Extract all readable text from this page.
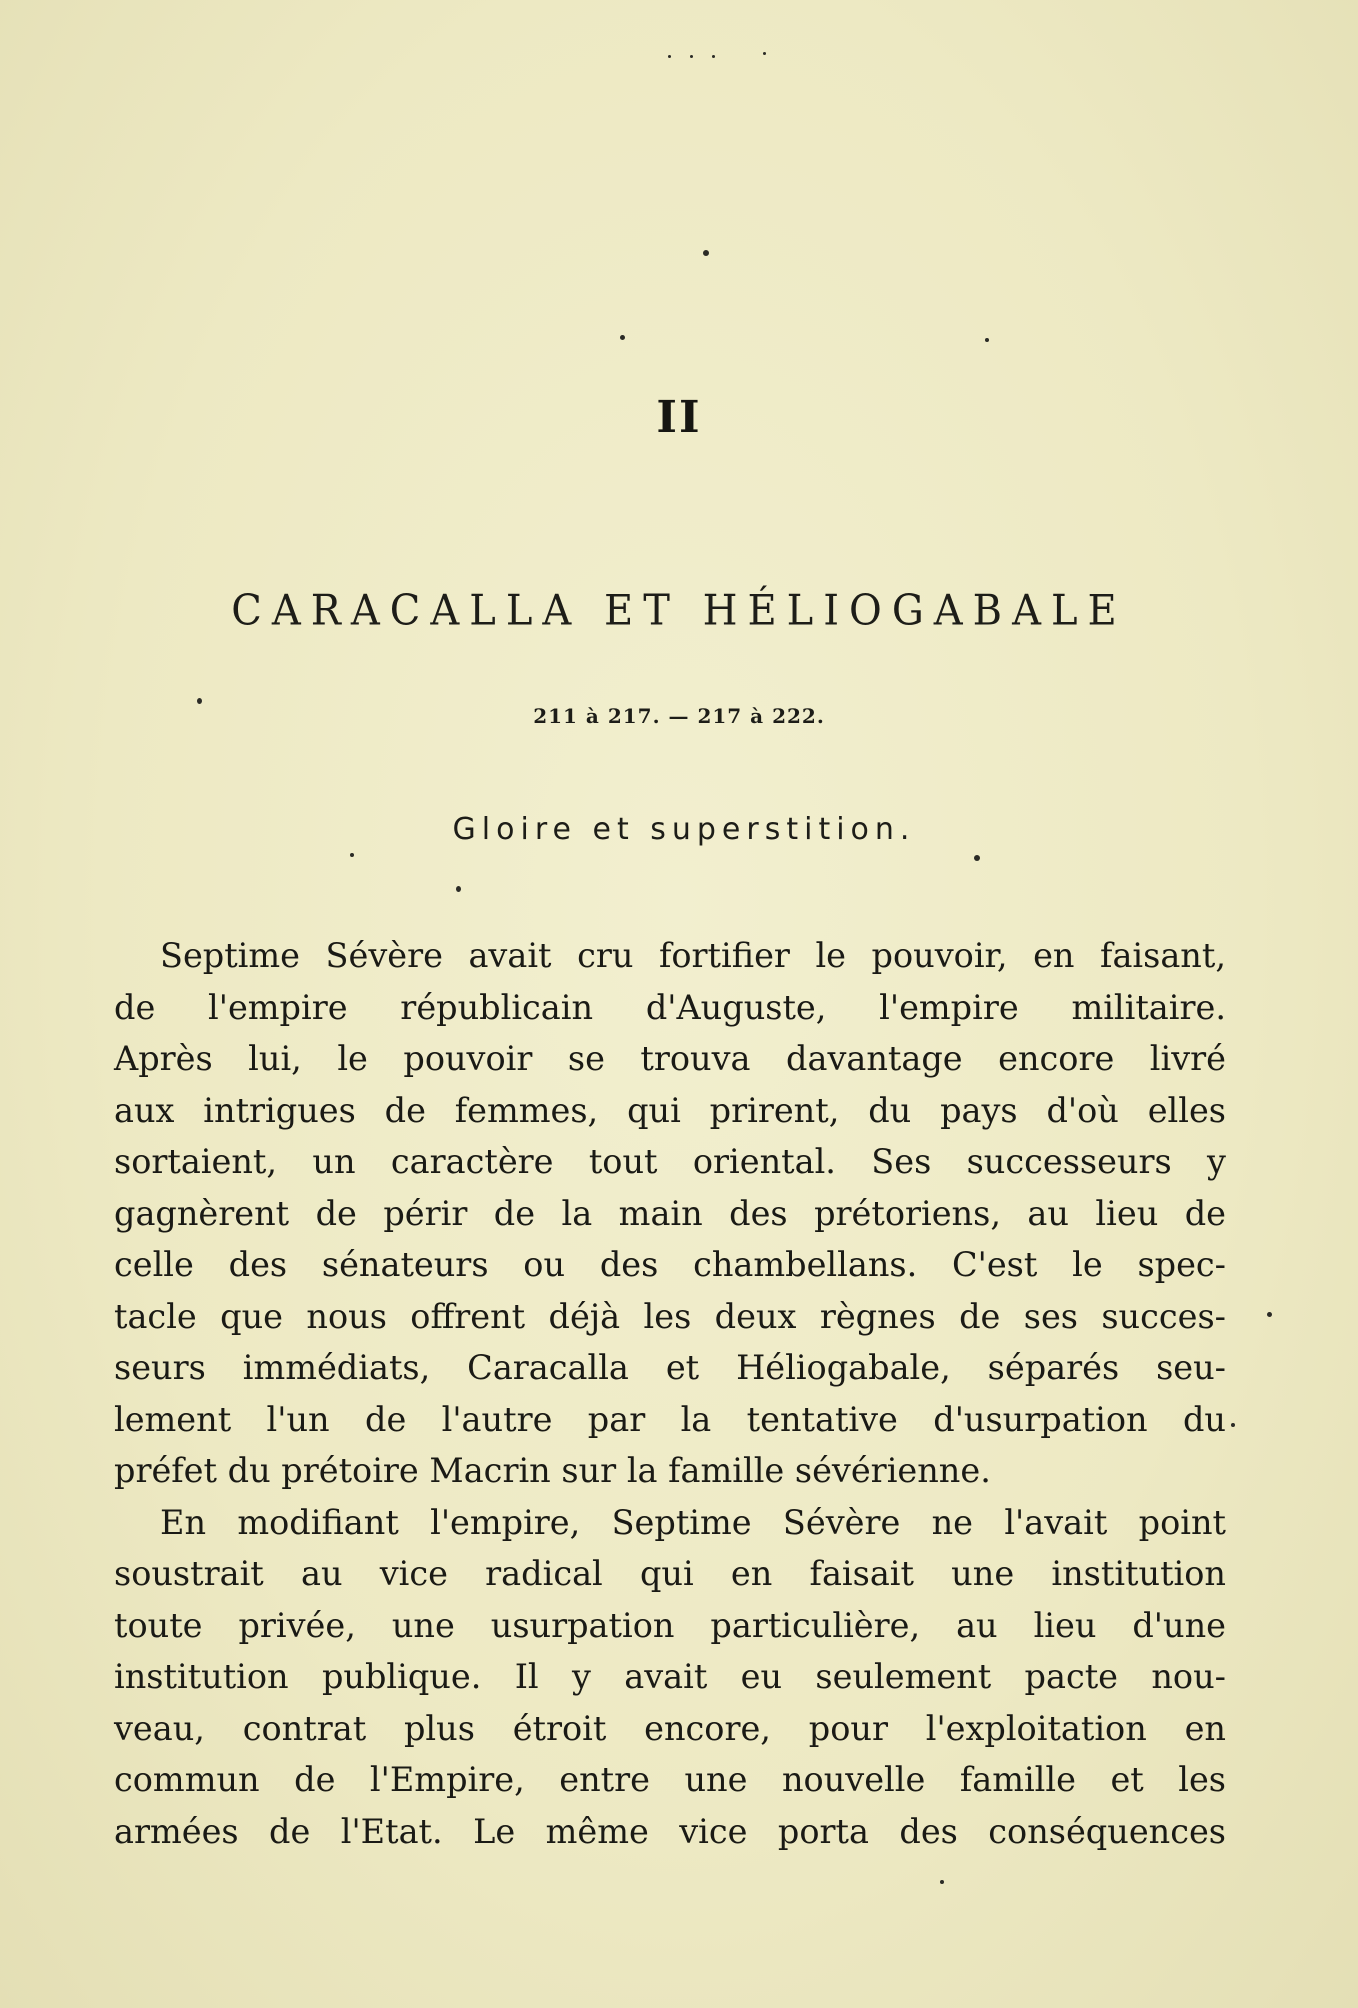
II
CARACALLA ET HÉLIOGABALE
211 à 217. — 217 à 222.
Gloire et superstition.
Septime Sévère avait cru fortifier le pouvoir, en faisant,
de l'empire républicain d'Auguste, l'empire militaire.
Après lui, le pouvoir se trouva davantage encore livré
aux intrigues de femmes, qui prirent, du pays d'où elles
sortaient, un caractère tout oriental. Ses successeurs y
gagnèrent de périr de la main des prétoriens, au lieu de
celle des sénateurs ou des chambellans. C'est le spec-
tacle que nous offrent déjà les deux règnes de ses succes-
seurs immédiats, Caracalla et Héliogabale, séparés seu-
lement l'un de l'autre par la tentative d'usurpation du
préfet du prétoire Macrin sur la famille sévérienne.
En modifiant l'empire, Septime Sévère ne l'avait point
soustrait au vice radical qui en faisait une institution
toute privée, une usurpation particulière, au lieu d'une
institution publique. Il y avait eu seulement pacte nou-
veau, contrat plus étroit encore, pour l'exploitation en
commun de l'Empire, entre une nouvelle famille et les
armées de l'Etat. Le même vice porta des conséquences
